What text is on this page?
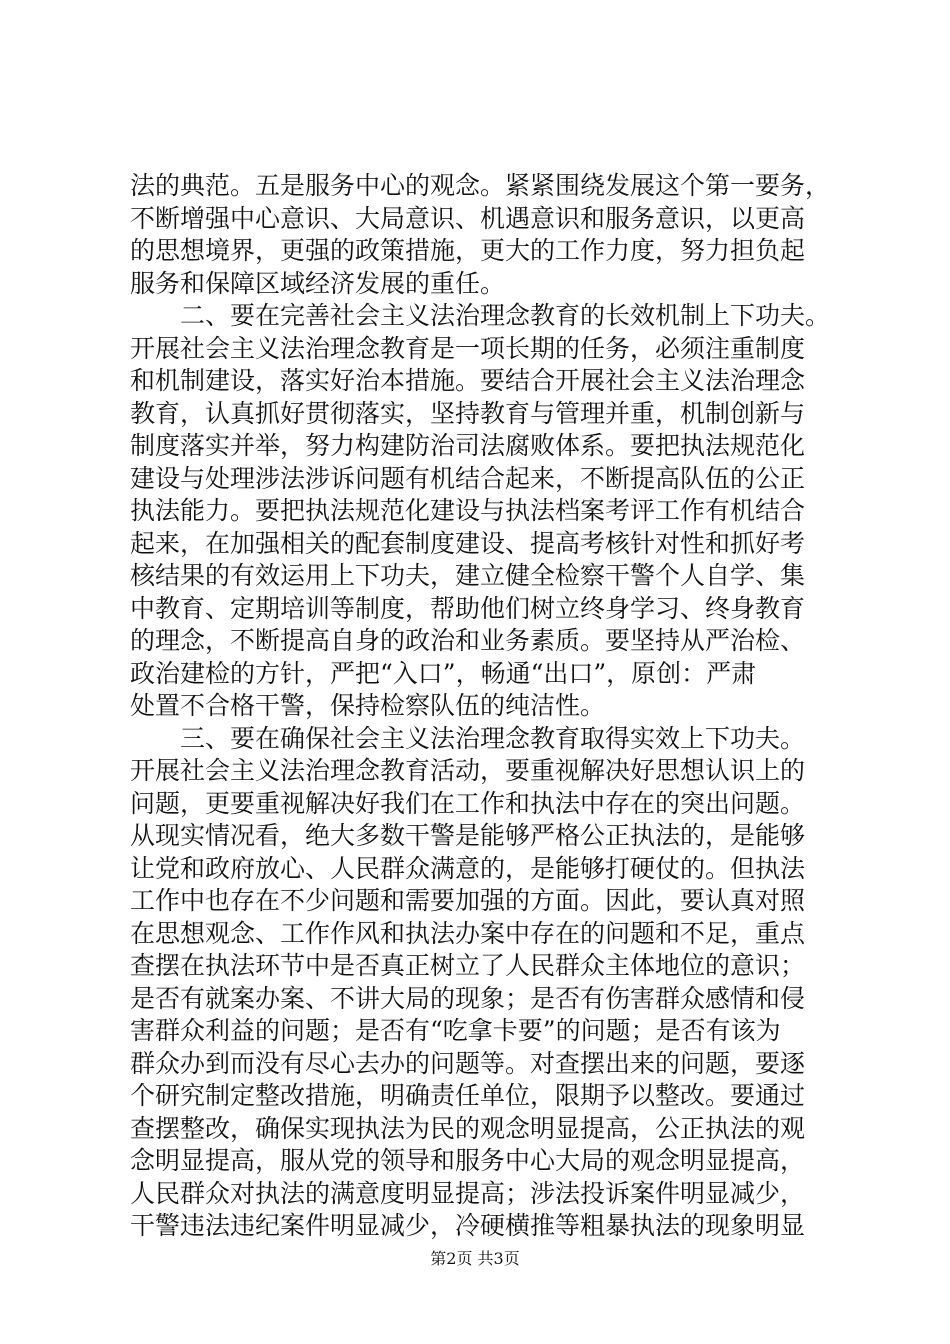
法的典范。五是服务中心的观念。紧紧围绕发展这个第一要务，
不断增强中心意识、大局意识、机遇意识和服务意识，以更高
的思想境界，更强的政策措施，更大的工作力度，努力担负起
服务和保障区域经济发展的重任。
　　二、要在完善社会主义法治理念教育的长效机制上下功夫。
开展社会主义法治理念教育是一项长期的任务，必须注重制度
和机制建设，落实好治本措施。要结合开展社会主义法治理念
教育，认真抓好贯彻落实，坚持教育与管理并重，机制创新与
制度落实并举，努力构建防治司法腐败体系。要把执法规范化
建设与处理涉法涉诉问题有机结合起来，不断提高队伍的公正
执法能力。要把执法规范化建设与执法档案考评工作有机结合
起来，在加强相关的配套制度建设、提高考核针对性和抓好考
核结果的有效运用上下功夫，建立健全检察干警个人自学、集
中教育、定期培训等制度，帮助他们树立终身学习、终身教育
的理念，不断提高自身的政治和业务素质。要坚持从严治检、
政治建检的方针，严把“入口”，畅通“出口”，原创：严肃
处置不合格干警，保持检察队伍的纯洁性。
　　三、要在确保社会主义法治理念教育取得实效上下功夫。
开展社会主义法治理念教育活动，要重视解决好思想认识上的
问题，更要重视解决好我们在工作和执法中存在的突出问题。
从现实情况看，绝大多数干警是能够严格公正执法的，是能够
让党和政府放心、人民群众满意的，是能够打硬仗的。但执法
工作中也存在不少问题和需要加强的方面。因此，要认真对照
在思想观念、工作作风和执法办案中存在的问题和不足，重点
查摆在执法环节中是否真正树立了人民群众主体地位的意识；
是否有就案办案、不讲大局的现象；是否有伤害群众感情和侵
害群众利益的问题；是否有“吃拿卡要”的问题；是否有该为
群众办到而没有尽心去办的问题等。对查摆出来的问题，要逐
个研究制定整改措施，明确责任单位，限期予以整改。要通过
查摆整改，确保实现执法为民的观念明显提高，公正执法的观
念明显提高，服从党的领导和服务中心大局的观念明显提高，
人民群众对执法的满意度明显提高；涉法投诉案件明显减少，
干警违法违纪案件明显减少，冷硬横推等粗暴执法的现象明显
第2页 共3页
